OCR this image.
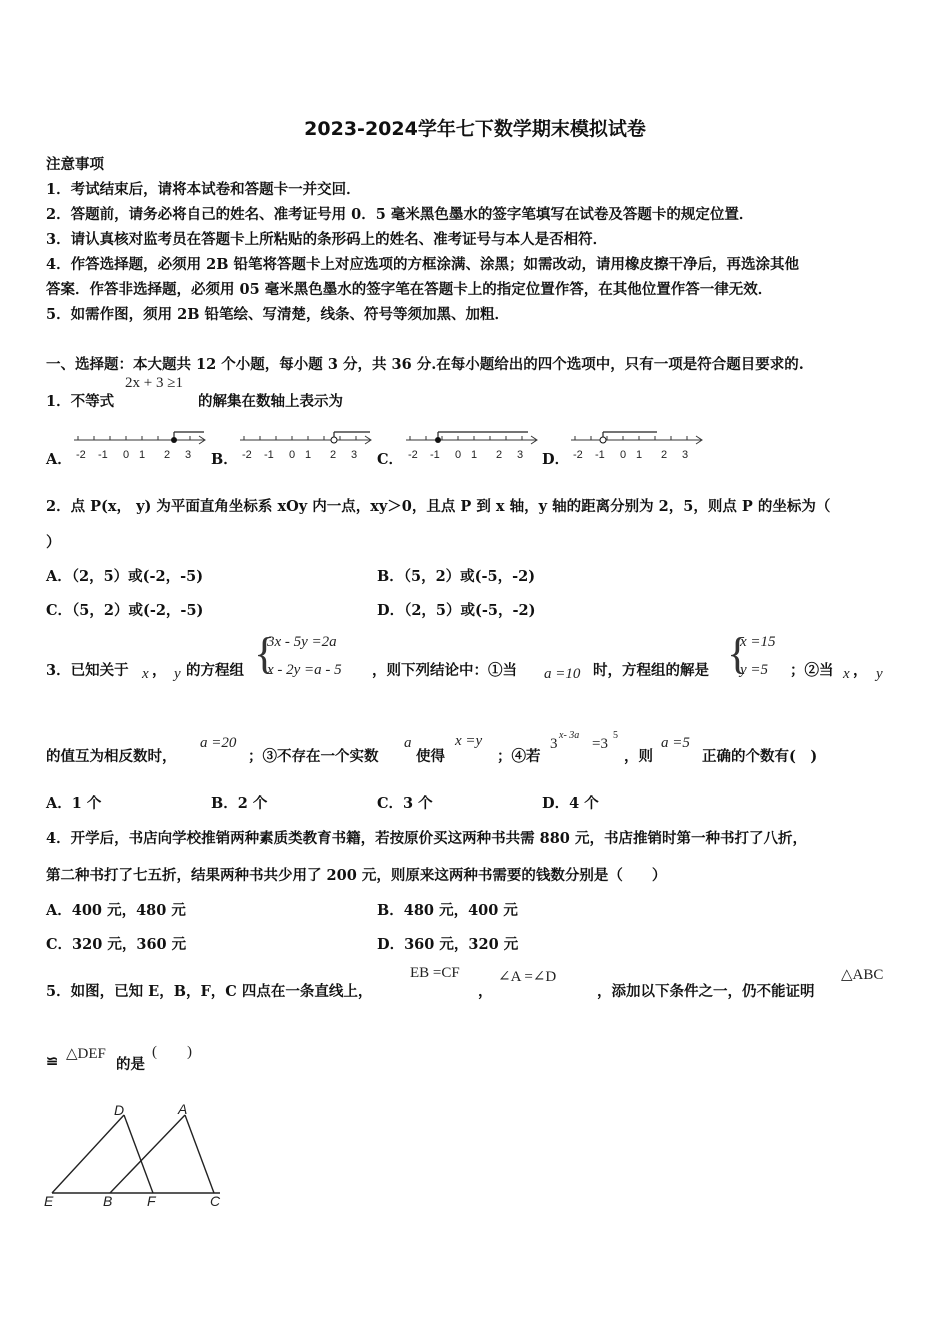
2023-2024学年七下数学期末模拟试卷
注意事项
1．考试结束后，请将本试卷和答题卡一并交回．
2．答题前，请务必将自己的姓名、准考证号用 0．5 毫米黑色墨水的签字笔填写在试卷及答题卡的规定位置．
3．请认真核对监考员在答题卡上所粘贴的条形码上的姓名、准考证号与本人是否相符．
4．作答选择题，必须用 2B 铅笔将答题卡上对应选项的方框涂满、涂黑；如需改动，请用橡皮擦干净后，再选涂其他
答案．作答非选择题，必须用 05 毫米黑色墨水的签字笔在答题卡上的指定位置作答，在其他位置作答一律无效．
5．如需作图，须用 2B 铅笔绘、写清楚，线条、符号等须加黑、加粗．
一、选择题：本大题共 12 个小题，每小题 3 分，共 36 分.在每小题给出的四个选项中，只有一项是符合题目要求的.
1．不等式
2x + 3 ≥1
的解集在数轴上表示为
A．	B．	C．	D．
-2 -1 0 1 2 3	-2 -1 0 1 2 3	-2 -1 0 1 2 3	-2 -1 0 1 2 3
2．点 P(x， y) 为平面直角坐标系 xOy 内一点，xy＞0，且点 P 到 x 轴，y 轴的距离分别为 2，5，则点 P 的坐标为（
）
A．（2，5）或(-2，-5)	B．（5，2）或(-5，-2)
C．（5，2）或(-2，-5)	D．（2，5）或(-5，-2)
3．已知关于 x ， y 的方程组 {
3x - 5y =2a
x - 2y =a - 5 ，则下列结论中：①当 a =10 时，方程组的解是 {
x =15
y =5 ；②当 x ， y
的值互为相反数时，
a =20
；③不存在一个实数
a
使得
x =y
；④若
3
x- 3a
=3
5
，则
a =5
正确的个数有(　)
A．1 个	B．2 个	C．3 个	D．4 个
4．开学后，书店向学校推销两种素质类教育书籍，若按原价买这两种书共需 880 元，书店推销时第一种书打了八折，
第二种书打了七五折，结果两种书共少用了 200 元，则原来这两种书需要的钱数分别是（　　）
A．400 元，480 元	B．480 元，400 元
C．320 元，360 元	D．360 元，320 元
5．如图，已知 E，B，F，C 四点在一条直线上，
EB =CF
，
∠A =∠D
，添加以下条件之一，仍不能证明
△ABC
≌ △DEF
的是
(　　)
D	A
E	B F	C
